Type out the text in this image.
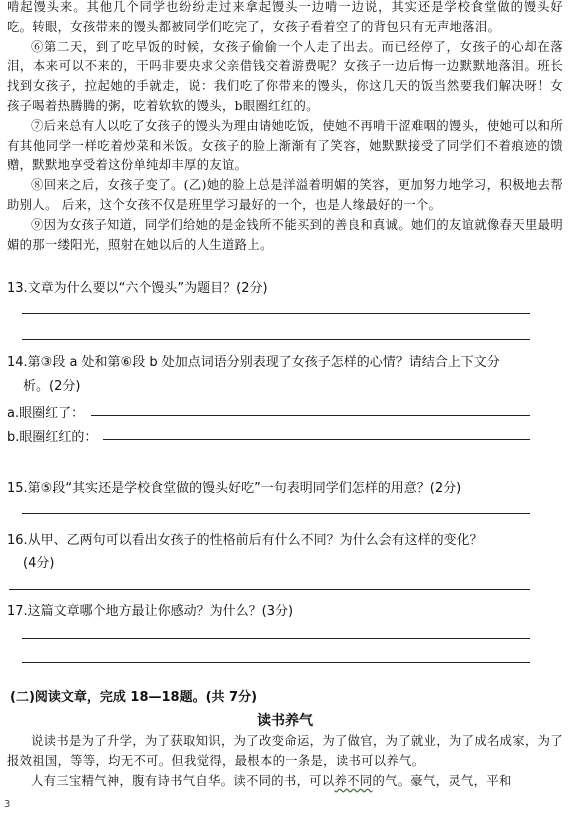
啃起馒头来。其他几个同学也纷纷走过来拿起馒头一边啃一边说，其实还是学校食堂做的馒头好吃。转眼，女孩带来的馒头都被同学们吃完了，女孩子看着空了的背包只有无声地落泪。

⑥第二天，到了吃早饭的时候，女孩子偷偷一个人走了出去。而已经停了，女孩子的心却在落泪，本来可以不来的，干吗非要央求父亲借钱交着游费呢？女孩子一边后悔一边默默地落泪。班长找到女孩子，拉起她的手就走，说：我们吃了你带来的馒头，你这几天的饭当然要我们解决呀！女孩子喝着热腾腾的粥，吃着软软的馒头，b眼圈红红的。

⑦后来总有人以吃了女孩子的馒头为理由请她吃饭，使她不再啃干涩难咽的馒头，使她可以和所有其他同学一样吃着炒菜和米饭。女孩子的脸上渐渐有了笑容，她默默接受了同学们不着痕迹的馈赠，默默地享受着这份单纯却丰厚的友谊。

⑧回来之后，女孩子变了。(乙)她的脸上总是洋溢着明媚的笑容，更加努力地学习，积极地去帮助别人。 后来，这个女孩不仅是班里学习最好的一个，也是人缘最好的一个。

⑨因为女孩子知道，同学们给她的是金钱所不能买到的善良和真诚。她们的友谊就像春天里最明媚的那一缕阳光，照射在她以后的人生道路上。

13.文章为什么要以“六个馒头”为题目？(2分)
14.第③段 a 处和第⑥段 b 处加点词语分别表现了女孩子怎样的心情？请结合上下文分
析。(2分)
a.眼圈红了：
b.眼圈红红的：
15.第⑤段“其实还是学校食堂做的馒头好吃”一句表明同学们怎样的用意？(2分)
16.从甲、乙两句可以看出女孩子的性格前后有什么不同？为什么会有这样的变化？
(4分)
17.这篇文章哪个地方最让你感动？为什么？(3分)
(二)阅读文章，完成 18—18题。(共 7分)
读书养气

说读书是为了升学，为了获取知识，为了改变命运，为了做官，为了就业，为了成名成家，为了报效祖国，等等，均无不可。但我觉得，最根本的一条是，读书可以养气。

人有三宝精气神，腹有诗书气自华。读不同的书，可以养不同的气。豪气，灵气，平和

3
